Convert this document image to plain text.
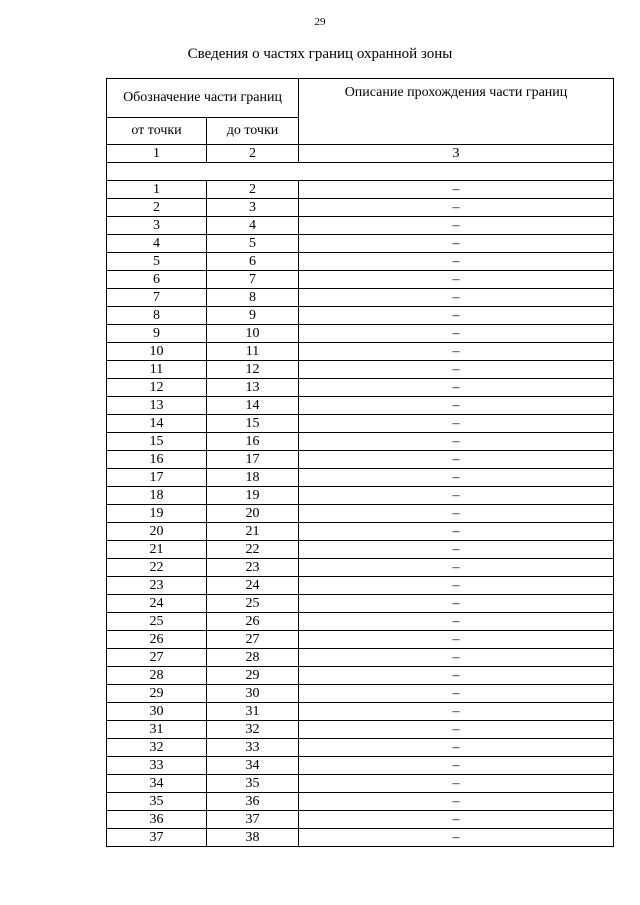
29
Сведения о частях границ охранной зоны
Обозначение части границ		Описание прохождения части границ
от точки	до точки	
1	2	3

1	2	–
2	3	–
3	4	–
4	5	–
5	6	–
6	7	–
7	8	–
8	9	–
9	10	–
10	11	–
11	12	–
12	13	–
13	14	–
14	15	–
15	16	–
16	17	–
17	18	–
18	19	–
19	20	–
20	21	–
21	22	–
22	23	–
23	24	–
24	25	–
25	26	–
26	27	–
27	28	–
28	29	–
29	30	–
30	31	–
31	32	–
32	33	–
33	34	–
34	35	–
35	36	–
36	37	–
37	38	–
